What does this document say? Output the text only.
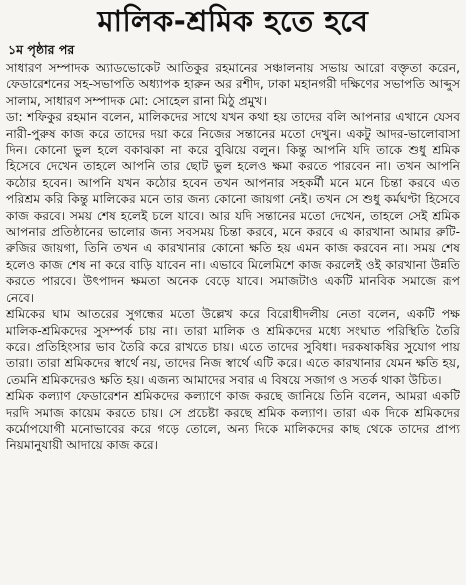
মালিক-শ্রমিক হতে হবে
১ম পৃষ্ঠার পর

সাধারণ সম্পাদক অ্যাডভোকেট আতিকুর রহমানের সঞ্চালনায় সভায় আরো বক্তৃতা করেন, ফেডারেশনের সহ-সভাপতি অধ্যাপক হারুন অর রশীদ, ঢাকা মহানগরী দক্ষিণের সভাপতি আব্দুস সালাম, সাধারণ সম্পাদক মো: সোহেল রানা মিঠু প্রমুখ।

ডা: শফিকুর রহমান বলেন, মালিকদের সাথে যখন কথা হয় তাদের বলি আপনার এখানে যেসব নারী-পুরুষ কাজ করে তাদের দয়া করে নিজের সন্তানের মতো দেখুন। একটু আদর-ভালোবাসা দিন। কোনো ভুল হলে বকাঝকা না করে বুঝিয়ে বলুন। কিন্তু আপনি যদি তাকে শুধু শ্রমিক হিসেবে দেখেন তাহলে আপনি তার ছোট ভুল হলেও ক্ষমা করতে পারবেন না। তখন আপনি কঠোর হবেন। আপনি যখন কঠোর হবেন তখন আপনার সহকর্মী মনে মনে চিন্তা করবে এত পরিশ্রম করি কিন্তু মালিকের মনে তার জন্য কোনো জায়গা নেই। তখন সে শুধু কর্মঘণ্টা হিসেবে কাজ করবে। সময় শেষ হলেই চলে যাবে। আর যদি সন্তানের মতো দেখেন, তাহলে সেই শ্রমিক আপনার প্রতিষ্ঠানের ভালোর জন্য সবসময় চিন্তা করবে, মনে করবে এ কারখানা আমার রুটি-রুজির জায়গা, তিনি তখন এ কারখানার কোনো ক্ষতি হয় এমন কাজ করবেন না। সময় শেষ হলেও কাজ শেষ না করে বাড়ি যাবেন না। এভাবে মিলেমিশে কাজ করলেই ওই কারখানা উন্নতি করতে পারবে। উৎপাদন ক্ষমতা অনেক বেড়ে যাবে। সমাজটাও একটি মানবিক সমাজে রূপ নেবে।

শ্রমিকের ঘাম আতরের সুগন্ধের মতো উল্লেখ করে বিরোধীদলীয় নেতা বলেন, একটি পক্ষ মালিক-শ্রমিকদের সুসম্পর্ক চায় না। তারা মালিক ও শ্রমিকদের মধ্যে সংঘাত পরিস্থিতি তৈরি করে। প্রতিহিংসার ভাব তৈরি করে রাখতে চায়। এতে তাদের সুবিধা। দরকষাকষির সুযোগ পায় তারা। তারা শ্রমিকদের স্বার্থে নয়, তাদের নিজ স্বার্থে এটি করে। এতে কারখানার যেমন ক্ষতি হয়, তেমনি শ্রমিকদেরও ক্ষতি হয়। এজন্য আমাদের সবার এ বিষয়ে সজাগ ও সতর্ক থাকা উচিত।

শ্রমিক কল্যাণ ফেডারেশন শ্রমিকদের কল্যাণে কাজ করছে জানিয়ে তিনি বলেন, আমরা একটি দরদি সমাজ কায়েম করতে চায়। সে প্রচেষ্টা করছে শ্রমিক কল্যাণ। তারা এক দিকে শ্রমিকদের কর্মোপযোগী মনোভাবের করে গড়ে তোলে, অন্য দিকে মালিকদের কাছ থেকে তাদের প্রাপ্য নিয়মানুযায়ী আদায়ে কাজ করে।
